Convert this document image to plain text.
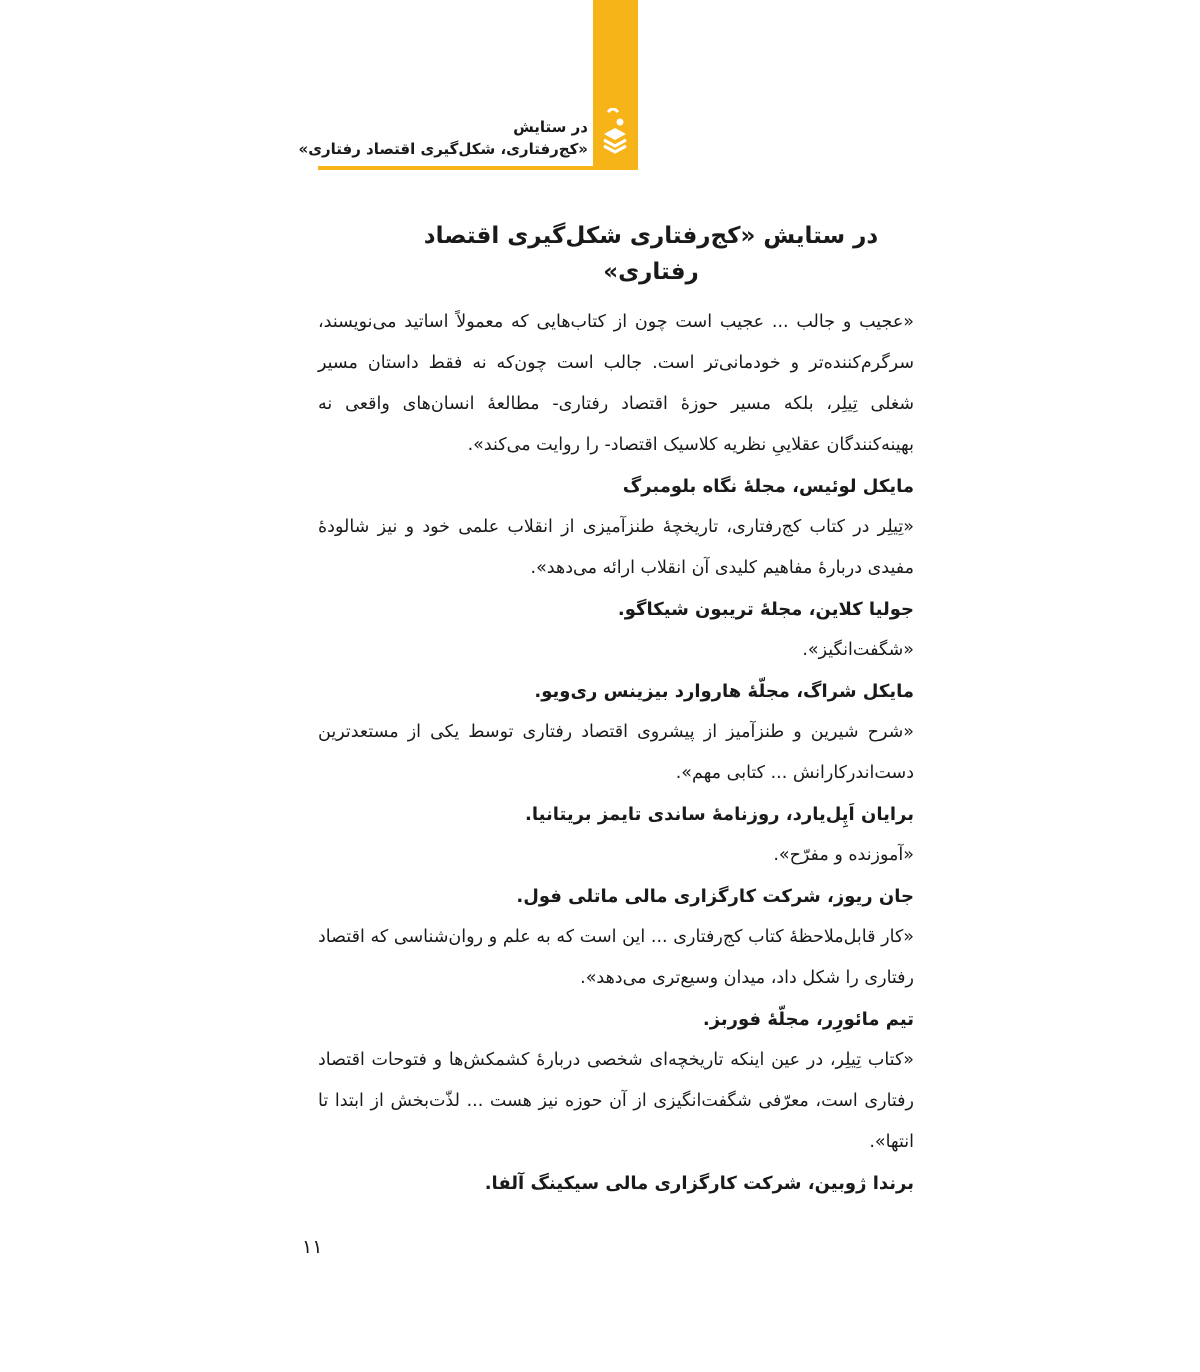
در ستایش
«کج‌رفتاری، شکل‌گیری اقتصاد رفتاری»
در ستایش «کج‌رفتاری شکل‌گیری اقتصاد رفتاری»

«عجیب و جالب ... عجیب است چون از کتاب‌هایی که معمولاً اساتید می‌نویسند، سرگرم‌کننده‌تر و خودمانی‌تر است. جالب است چون‌که نه فقط داستان مسیر شغلی تِیلِر، بلکه مسیر حوزهٔ اقتصاد رفتاری- مطالعهٔ انسان‌های واقعی نه بهینه‌کنندگان عقلاییِ نظریه کلاسیک اقتصاد- را روایت می‌کند».

مایکل لوئیس، مجلهٔ نگاه بلومبرگ

«تِیلِر در کتاب کج‌رفتاری، تاریخچهٔ طنزآمیزی از انقلاب علمی خود و نیز شالودهٔ مفیدی دربارهٔ مفاهیم کلیدی آن انقلاب ارائه می‌دهد».

جولیا کلاین، مجلهٔ تریبون شیکاگو.

«شگفت‌انگیز».

مایکل شراگ، مجلّهٔ هاروارد بیزینس ری‌ویو.

«شرح شیرین و طنزآمیز از پیشروی اقتصاد رفتاری توسط یکی از مستعدترین دست‌اندرکارانش ... کتابی مهم».

برایان اَپِل‌یارد، روزنامهٔ ساندی تایمز بریتانیا.

«آموزنده و مفرّح».

جان ریوز، شرکت کارگزاری مالی ماتلی فول.

«کار قابل‌ملاحظهٔ کتاب کج‌رفتاری ... این است که به علم و روان‌شناسی که اقتصاد رفتاری را شکل داد، میدان وسیع‌تری می‌دهد».

تیم مائورِر، مجلّهٔ فوربز.

«کتاب تِیلِر، در عین اینکه تاریخچه‌ای شخصی دربارهٔ کشمکش‌ها و فتوحات اقتصاد رفتاری است، معرّفی شگفت‌انگیزی از آن حوزه نیز هست ... لذّت‌بخش از ابتدا تا انتها».

برندا ژوبین، شرکت کارگزاری مالی سیکینگ آلفا.

۱۱
